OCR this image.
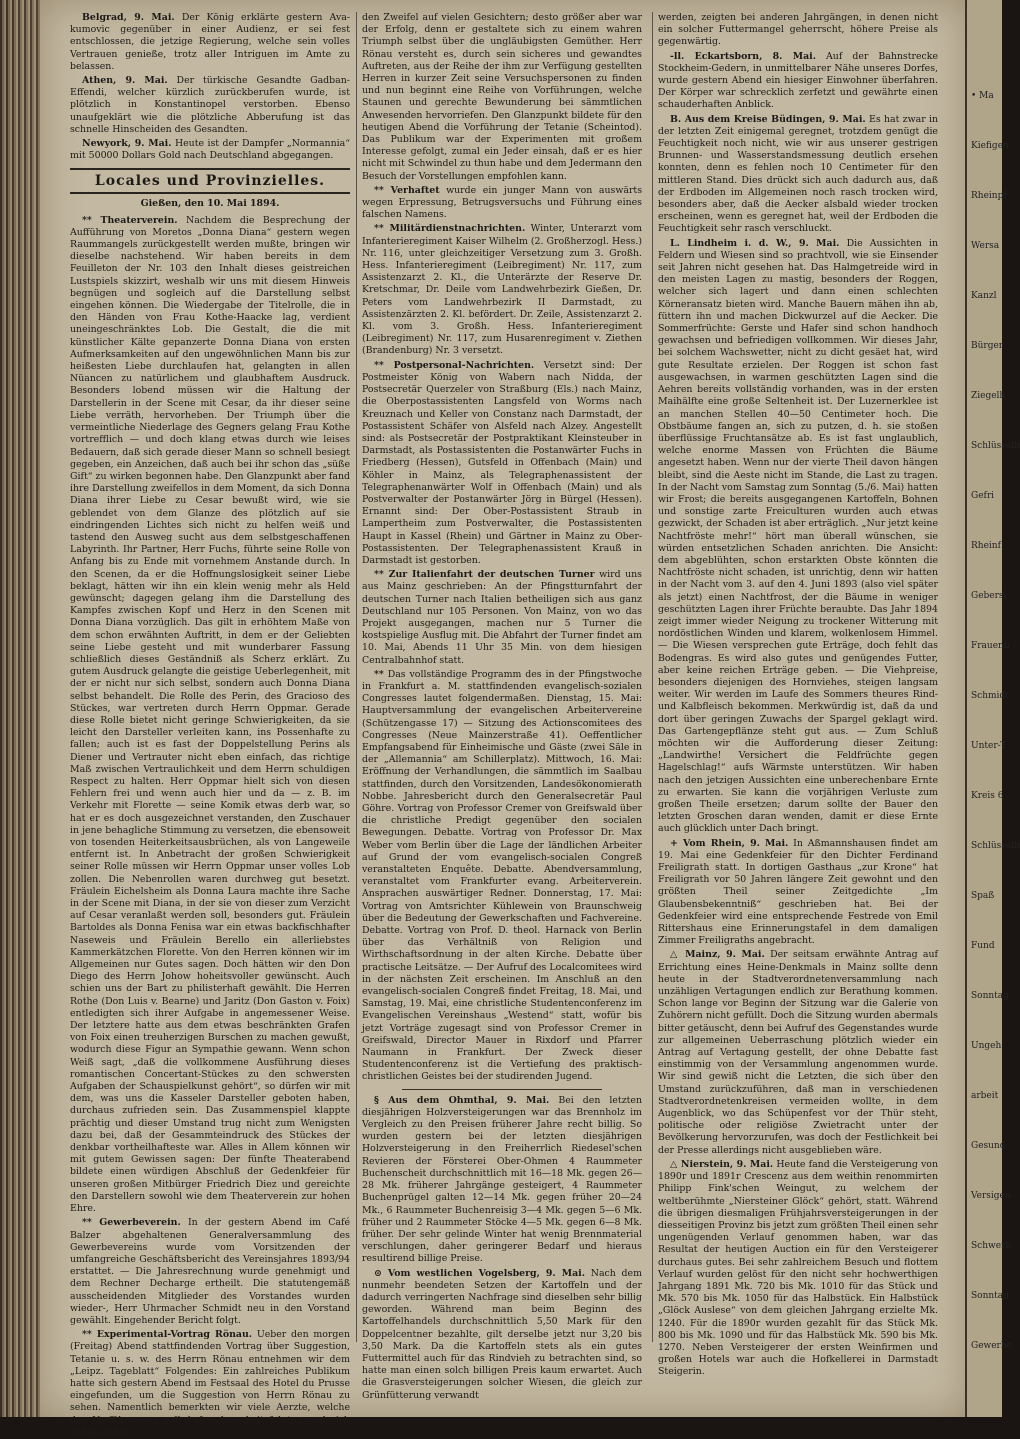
Belgrad, 9. Mai. Der König erklärte gestern Ava-kumovic gegenüber in einer Audienz, er sei fest entschlossen, die jetzige Regierung, welche sein volles Vertrauen genieße, trotz aller Intriguen im Amte zu belassen.

Athen, 9. Mai. Der türkische Gesandte Gadban-Effendi, welcher kürzlich zurückberufen wurde, ist plötzlich in Konstantinopel verstorben. Ebenso unaufgeklärt wie die plötzliche Abberufung ist das schnelle Hinscheiden des Gesandten.

Newyork, 9. Mai. Heute ist der Dampfer „Normannia“ mit 50000 Dollars Gold nach Deutschland abgegangen.

Locales und Provinzielles.
Gießen, den 10. Mai 1894.

** Theaterverein. Nachdem die Besprechung der Aufführung von Moretos „Donna Diana“ gestern wegen Raummangels zurückgestellt werden mußte, bringen wir dieselbe nachstehend. Wir haben bereits in dem Feuilleton der Nr. 103 den Inhalt dieses geistreichen Lustspiels skizzirt, weshalb wir uns mit diesem Hinweis begnügen und sogleich auf die Darstellung selbst eingehen können. Die Wiedergabe der Titelrolle, die in den Händen von Frau Kothe-Haacke lag, verdient uneingeschränktes Lob. Die Gestalt, die die mit künstlicher Kälte gepanzerte Donna Diana von ersten Aufmerksamkeiten auf den ungewöhnlichen Mann bis zur heißesten Liebe durchlaufen hat, gelangten in allen Nüancen zu natürlichem und glaubhaftem Ausdruck. Besonders lobend müssen wir die Haltung der Darstellerin in der Scene mit Cesar, da ihr dieser seine Liebe verräth, hervorheben. Der Triumph über die vermeintliche Niederlage des Gegners gelang Frau Kothe vortrefflich — und doch klang etwas durch wie leises Bedauern, daß sich gerade dieser Mann so schnell besiegt gegeben, ein Anzeichen, daß auch bei ihr schon das „süße Gift“ zu wirken begonnen habe. Den Glanzpunkt aber fand ihre Darstellung zweifellos in dem Moment, da sich Donna Diana ihrer Liebe zu Cesar bewußt wird, wie sie geblendet von dem Glanze des plötzlich auf sie eindringenden Lichtes sich nicht zu helfen weiß und tastend den Ausweg sucht aus dem selbstgeschaffenen Labyrinth. Ihr Partner, Herr Fuchs, führte seine Rolle von Anfang bis zu Ende mit vornehmem Anstande durch. In den Scenen, da er die Hoffnungslosigkeit seiner Liebe beklagt, hätten wir ihn ein klein wenig mehr als Held gewünscht; dagegen gelang ihm die Darstellung des Kampfes zwischen Kopf und Herz in den Scenen mit Donna Diana vorzüglich. Das gilt in erhöhtem Maße von dem schon erwähnten Auftritt, in dem er der Geliebten seine Liebe gesteht und mit wunderbarer Fassung schließlich dieses Geständniß als Scherz erklärt. Zu gutem Ausdruck gelangte die geistige Ueberlegenheit, mit der er nicht nur sich selbst, sondern auch Donna Diana selbst behandelt. Die Rolle des Perin, des Gracioso des Stückes, war vertreten durch Herrn Oppmar. Gerade diese Rolle bietet nicht geringe Schwierigkeiten, da sie leicht den Darsteller verleiten kann, ins Possenhafte zu fallen; auch ist es fast der Doppelstellung Perins als Diener und Vertrauter nicht eben einfach, das richtige Maß zwischen Vertraulichkeit und dem Herrn schuldigen Respect zu halten. Herr Oppmar hielt sich von diesen Fehlern frei und wenn auch hier und da — z. B. im Verkehr mit Florette — seine Komik etwas derb war, so hat er es doch ausgezeichnet verstanden, den Zuschauer in jene behagliche Stimmung zu versetzen, die ebensoweit von tosenden Heiterkeitsausbrüchen, als von Langeweile entfernt ist. In Anbetracht der großen Schwierigkeit seiner Rolle müssen wir Herrn Oppmar unser volles Lob zollen. Die Nebenrollen waren durchweg gut besetzt. Fräulein Eichelsheim als Donna Laura machte ihre Sache in der Scene mit Diana, in der sie von dieser zum Verzicht auf Cesar veranlaßt werden soll, besonders gut. Fräulein Bartoldes als Donna Fenisa war ein etwas backfischhafter Naseweis und Fräulein Berello ein allerliebstes Kammerkätzchen Florette. Von den Herren können wir im Allgemeinen nur Gutes sagen. Doch hätten wir den Don Diego des Herrn Johow hoheitsvoller gewünscht. Auch schien uns der Bart zu philisterhaft gewählt. Die Herren Rothe (Don Luis v. Bearne) und Jaritz (Don Gaston v. Foix) entledigten sich ihrer Aufgabe in angemessener Weise. Der letztere hatte aus dem etwas beschränkten Grafen von Foix einen treuherzigen Burschen zu machen gewußt, wodurch diese Figur an Sympathie gewann. Wenn schon Weiß sagt, „daß die vollkommene Ausführung dieses romantischen Concertant-Stückes zu den schwersten Aufgaben der Schauspielkunst gehört“, so dürfen wir mit dem, was uns die Kasseler Darsteller geboten haben, durchaus zufrieden sein. Das Zusammenspiel klappte prächtig und dieser Umstand trug nicht zum Wenigsten dazu bei, daß der Gesammteindruck des Stückes der denkbar vortheilhafteste war. Alles in Allem können wir mit gutem Gewissen sagen: Der fünfte Theaterabend bildete einen würdigen Abschluß der Gedenkfeier für unseren großen Mitbürger Friedrich Diez und gereichte den Darstellern sowohl wie dem Theaterverein zur hohen Ehre.

** Gewerbeverein. In der gestern Abend im Café Balzer abgehaltenen Generalversammlung des Gewerbevereins wurde vom Vorsitzenden der umfangreiche Geschäftsbericht des Vereinsjahres 1893/94 erstattet. — Die Jahresrechnung wurde genehmigt und dem Rechner Decharge ertheilt. Die statutengemäß ausscheidenden Mitglieder des Vorstandes wurden wieder-, Herr Uhrmacher Schmidt neu in den Vorstand gewählt. Eingehender Bericht folgt.

** Experimental-Vortrag Rönau. Ueber den morgen (Freitag) Abend stattfindenden Vortrag über Suggestion, Tetanie u. s. w. des Herrn Rönau entnehmen wir dem „Leipz. Tageblatt“ Folgendes: Ein zahlreiches Publikum hatte sich gestern Abend im Festsaal des Hotel du Prusse eingefunden, um die Suggestion von Herrn Rönau zu sehen. Namentlich bemerkten wir viele Aerzte, welche den Vorführungen voll Aufmerksamkeit folgten und sich auf manchen

den Zweifel auf vielen Gesichtern; desto größer aber war der Erfolg, denn er gestaltete sich zu einem wahren Triumph selbst über die ungläubigsten Gemüther. Herr Rönau versteht es, durch sein sicheres und gewandtes Auftreten, aus der Reihe der ihm zur Verfügung gestellten Herren in kurzer Zeit seine Versuchspersonen zu finden und nun beginnt eine Reihe von Vorführungen, welche Staunen und gerechte Bewunderung bei sämmtlichen Anwesenden hervorriefen. Den Glanzpunkt bildete für den heutigen Abend die Vorführung der Tetanie (Scheintod). Das Publikum war der Experimenten mit großem Interesse gefolgt, zumal ein Jeder einsah, daß er es hier nicht mit Schwindel zu thun habe und dem Jedermann den Besuch der Vorstellungen empfohlen kann.

** Verhaftet wurde ein junger Mann von auswärts wegen Erpressung, Betrugsversuchs und Führung eines falschen Namens.

** Militärdienstnachrichten. Winter, Unterarzt vom Infanterieregiment Kaiser Wilhelm (2. Großherzogl. Hess.) Nr. 116, unter gleichzeitiger Versetzung zum 3. Großh. Hess. Infanterieregiment (Leibregiment) Nr. 117, zum Assistenzarzt 2. Kl., die Unterärzte der Reserve Dr. Kretschmar, Dr. Deile vom Landwehrbezirk Gießen, Dr. Peters vom Landwehrbezirk II Darmstadt, zu Assistenzärzten 2. Kl. befördert. Dr. Zeile, Assistenzarzt 2. Kl. vom 3. Großh. Hess. Infanterieregiment (Leibregiment) Nr. 117, zum Husarenregiment v. Ziethen (Brandenburg) Nr. 3 versetzt.

** Postpersonal-Nachrichten. Versetzt sind: Der Postmeister König von Wabern nach Nidda, der Postsecretär Querzeler von Straßburg (Els.) nach Mainz, die Oberpostassistenten Langsfeld von Worms nach Kreuznach und Keller von Constanz nach Darmstadt, der Postassistent Schäfer von Alsfeld nach Alzey. Angestellt sind: als Postsecretär der Postpraktikant Kleinsteuber in Darmstadt, als Postassistenten die Postanwärter Fuchs in Friedberg (Hessen), Gutsfeld in Offenbach (Main) und Köhler in Mainz, als Telegraphenassistent der Telegraphenanwärter Wolf in Offenbach (Main) und als Postverwalter der Postanwärter Jörg in Bürgel (Hessen). Ernannt sind: Der Ober-Postassistent Straub in Lampertheim zum Postverwalter, die Postassistenten Haupt in Kassel (Rhein) und Gärtner in Mainz zu Ober-Postassistenten. Der Telegraphenassistent Krauß in Darmstadt ist gestorben.

** Zur Italienfahrt der deutschen Turner wird uns aus Mainz geschrieben: An der Pfingstturnfahrt der deutschen Turner nach Italien betheiligen sich aus ganz Deutschland nur 105 Personen. Von Mainz, von wo das Projekt ausgegangen, machen nur 5 Turner die kostspielige Ausflug mit. Die Abfahrt der Turner findet am 10. Mai, Abends 11 Uhr 35 Min. von dem hiesigen Centralbahnhof statt.

** Das vollständige Programm des in der Pfingstwoche in Frankfurt a. M. stattfindenden evangelisch-sozialen Congresses lautet folgendermaßen. Dienstag, 15. Mai: Hauptversammlung der evangelischen Arbeitervereine (Schützengasse 17) — Sitzung des Actionscomitees des Congresses (Neue Mainzerstraße 41). Oeffentlicher Empfangsabend für Einheimische und Gäste (zwei Säle in der „Allemannia“ am Schillerplatz). Mittwoch, 16. Mai: Eröffnung der Verhandlungen, die sämmtlich im Saalbau stattfinden, durch den Vorsitzenden, Landesökonomierath Nobbe. Jahresbericht durch den Generalsecretär Paul Göhre. Vortrag von Professor Cremer von Greifswald über die christliche Predigt gegenüber den socialen Bewegungen. Debatte. Vortrag von Professor Dr. Max Weber vom Berlin über die Lage der ländlichen Arbeiter auf Grund der vom evangelisch-socialen Congreß veranstalteten Enquête. Debatte. Abendversammlung, veranstaltet vom Frankfurter evang. Arbeiterverein. Ansprachen auswärtiger Redner. Donnerstag, 17. Mai: Vortrag von Amtsrichter Kühlewein von Braunschweig über die Bedeutung der Gewerkschaften und Fachvereine. Debatte. Vortrag von Prof. D. theol. Harnack von Berlin über das Verhältniß von Religion und Wirthschaftsordnung in der alten Kirche. Debatte über practische Leitsätze. — Der Aufruf des Localcomitees wird in der nächsten Zeit erscheinen. Im Anschluß an den evangelisch-socialen Congreß findet Freitag, 18. Mai, und Samstag, 19. Mai, eine christliche Studentenconferenz im Evangelischen Vereinshaus „Westend“ statt, wofür bis jetzt Vorträge zugesagt sind von Professor Cremer in Greifswald, Director Mauer in Rixdorf und Pfarrer Naumann in Frankfurt. Der Zweck dieser Studentenconferenz ist die Vertiefung des praktisch-christlichen Geistes bei der studirenden Jugend.

§ Aus dem Ohmthal, 9. Mai. Bei den letzten diesjährigen Holzversteigerungen war das Brennholz im Vergleich zu den Preisen früherer Jahre recht billig. So wurden gestern bei der letzten diesjährigen Holzversteigerung in den Freiherrlich Riedesel'schen Revieren der Försterei Ober-Ohmen 4 Raummeter Buchenscheit durchschnittlich mit 16—18 Mk. gegen 26—28 Mk. früherer Jahrgänge gesteigert, 4 Raummeter Buchenprügel galten 12—14 Mk. gegen früher 20—24 Mk., 6 Raummeter Buchenreisig 3—4 Mk. gegen 5—6 Mk. früher und 2 Raummeter Stöcke 4—5 Mk. gegen 6—8 Mk. früher. Der sehr gelinde Winter hat wenig Brennmaterial verschlungen, daher geringerer Bedarf und hieraus resultirend billige Preise.

⊙ Vom westlichen Vogelsberg, 9. Mai. Nach dem nunmehr beendeten Setzen der Kartoffeln und der dadurch verringerten Nachfrage sind dieselben sehr billig geworden. Während man beim Beginn des Kartoffelhandels durchschnittlich 5,50 Mark für den Doppelcentner bezahlte, gilt derselbe jetzt nur 3,20 bis 3,50 Mark. Da die Kartoffeln stets als ein gutes Futtermittel auch für das Rindvieh zu betrachten sind, so hatte man einen solch billigen Preis kaum erwartet. Auch die Grasversteigerungen solcher Wiesen, die gleich zur Grünfütterung verwandt

werden, zeigten bei anderen Jahrgängen, in denen nicht ein solcher Futtermangel geherrscht, höhere Preise als gegenwärtig.

-ll. Eckartsborn, 8. Mai. Auf der Bahnstrecke Stockheim-Gedern, in unmittelbarer Nähe unseres Dorfes, wurde gestern Abend ein hiesiger Einwohner überfahren. Der Körper war schrecklich zerfetzt und gewährte einen schauderhaften Anblick.

B. Aus dem Kreise Büdingen, 9. Mai. Es hat zwar in der letzten Zeit einigemal geregnet, trotzdem genügt die Feuchtigkeit noch nicht, wie wir aus unserer gestrigen Brunnen- und Wasserstandsmessung deutlich ersehen konnten, denn es fehlen noch 10 Centimeter für den mittleren Stand. Dies drückt sich auch dadurch aus, daß der Erdboden im Allgemeinen noch rasch trocken wird, besonders aber, daß die Aecker alsbald wieder trocken erscheinen, wenn es geregnet hat, weil der Erdboden die Feuchtigkeit sehr rasch verschluckt.

L. Lindheim i. d. W., 9. Mai. Die Aussichten in Feldern und Wiesen sind so prachtvoll, wie sie Einsender seit Jahren nicht gesehen hat. Das Halmgetreide wird in den meisten Lagen zu mastig, besonders der Roggen, welcher sich lagert und dann einen schlechten Körneransatz bieten wird. Manche Bauern mähen ihn ab, füttern ihn und machen Dickwurzel auf die Aecker. Die Sommerfrüchte: Gerste und Hafer sind schon handhoch gewachsen und befriedigen vollkommen. Wir dieses Jahr, bei solchem Wachswetter, nicht zu dicht gesäet hat, wird gute Resultate erzielen. Der Roggen ist schon fast ausgewachsen, in warmen geschützten Lagen sind die Aehren bereits vollständig vorhanden, was in der ersten Maihälfte eine große Seltenheit ist. Der Luzernerklee ist an manchen Stellen 40—50 Centimeter hoch. Die Obstbäume fangen an, sich zu putzen, d. h. sie stoßen überflüssige Fruchtansätze ab. Es ist fast unglaublich, welche enorme Massen von Früchten die Bäume angesetzt haben. Wenn nur der vierte Theil davon hängen bleibt, sind die Aeste nicht im Stande, die Last zu tragen. In der Nacht vom Samstag zum Sonntag (5./6. Mai) hatten wir Frost; die bereits ausgegangenen Kartoffeln, Bohnen und sonstige zarte Freiculturen wurden auch etwas gezwickt, der Schaden ist aber erträglich. „Nur jetzt keine Nachtfröste mehr!“ hört man überall wünschen, sie würden entsetzlichen Schaden anrichten. Die Ansicht: dem abgeblühten, schon erstarkten Obste könnten die Nachtfröste nicht schaden, ist unrichtig, denn wir hatten in der Nacht vom 3. auf den 4. Juni 1893 (also viel später als jetzt) einen Nachtfrost, der die Bäume in weniger geschützten Lagen ihrer Früchte beraubte. Das Jahr 1894 zeigt immer wieder Neigung zu trockener Witterung mit nordöstlichen Winden und klarem, wolkenlosem Himmel. — Die Wiesen versprechen gute Erträge, doch fehlt das Bodengras. Es wird also gutes und genügendes Futter, aber keine reichen Erträge geben. — Die Viehpreise, besonders diejenigen des Hornviehes, steigen langsam weiter. Wir werden im Laufe des Sommers theures Rind- und Kalbfleisch bekommen. Merkwürdig ist, daß da und dort über geringen Zuwachs der Spargel geklagt wird. Das Gartengepflänze steht gut aus. — Zum Schluß möchten wir die Aufforderung dieser Zeitung: „Landwirthe! Versichert die Feldfrüchte gegen Hagelschlag!“ aufs Wärmste unterstützen. Wir haben nach den jetzigen Aussichten eine unberechenbare Ernte zu erwarten. Sie kann die vorjährigen Verluste zum großen Theile ersetzen; darum sollte der Bauer den letzten Groschen daran wenden, damit er diese Ernte auch glücklich unter Dach bringt.

+ Vom Rhein, 9. Mai. In Aßmannshausen findet am 19. Mai eine Gedenkfeier für den Dichter Ferdinand Freiligrath statt. In dortigen Gasthaus „zur Krone“ hat Freiligrath vor 50 Jahren längere Zeit gewohnt und den größten Theil seiner Zeitgedichte „Im Glaubensbekenntniß“ geschrieben hat. Bei der Gedenkfeier wird eine entsprechende Festrede von Emil Rittershaus eine Erinnerungstafel in dem damaligen Zimmer Freiligraths angebracht.

△ Mainz, 9. Mai. Der seitsam erwähnte Antrag auf Errichtung eines Heine-Denkmals in Mainz sollte denn heute in der Stadtverordnetenversammlung nach unzähligen Vertagungen endlich zur Berathung kommen. Schon lange vor Beginn der Sitzung war die Galerie von Zuhörern nicht gefüllt. Doch die Sitzung wurden abermals bitter getäuscht, denn bei Aufruf des Gegenstandes wurde zur allgemeinen Ueberraschung plötzlich wieder ein Antrag auf Vertagung gestellt, der ohne Debatte fast einstimmig von der Versammlung angenommen wurde. Wir sind gewiß nicht die Letzten, die sich über den Umstand zurückzuführen, daß man in verschiedenen Stadtverordnetenkreisen vermeiden wollte, in dem Augenblick, wo das Schüpenfest vor der Thür steht, politische oder religiöse Zwietracht unter der Bevölkerung hervorzurufen, was doch der Festlichkeit bei der Presse allerdings nicht ausgeblieben wäre.

△ Nierstein, 9. Mai. Heute fand die Versteigerung von 1890r und 1891r Crescenz aus dem weithin renommirten Philipp Fink'schen Weingut, zu welchem der weltberühmte „Niersteiner Glöck“ gehört, statt. Während die übrigen diesmaligen Frühjahrsversteigerungen in der diesseitigen Provinz bis jetzt zum größten Theil einen sehr ungenügenden Verlauf genommen haben, war das Resultat der heutigen Auction ein für den Versteigerer durchaus gutes. Bei sehr zahlreichem Besuch und flottem Verlauf wurden gelöst für den nicht sehr hochwerthigen Jahrgang 1891 Mk. 720 bis Mk. 1010 für das Stück und Mk. 570 bis Mk. 1050 für das Halbstück. Ein Halbstück „Glöck Auslese“ von dem gleichen Jahrgang erzielte Mk. 1240. Für die 1890r wurden gezahlt für das Stück Mk. 800 bis Mk. 1090 und für das Halbstück Mk. 590 bis Mk. 1270. Neben Versteigerer der ersten Weinfirmen und großen Hotels war auch die Hofkellerei in Darmstadt Steigerin.

• Ma
Kiefigen
Rheinpf
Wersa
Kanzl
Bürger
Ziegelh
Schlüsselb
Gefri
Rheinf
Gebersi
Frauenb
Schmidt
Unter-T
Kreis 6
Schlüsselb
Spaß
Fund
Sonntag
Ungeh
arbeit
Gesund
Versigen
Schwerh
Sonntag
Gewerbe
